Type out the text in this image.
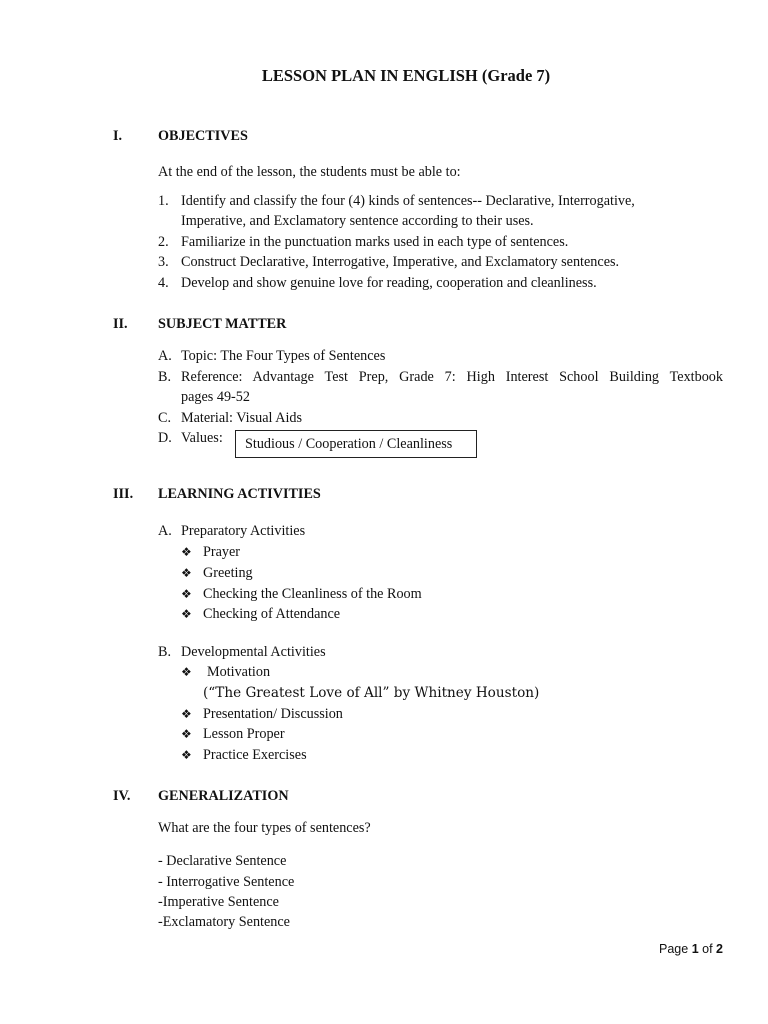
LESSON PLAN IN ENGLISH (Grade 7)
I.	OBJECTIVES
At the end of the lesson, the students must be able to:
1. Identify and classify the four (4) kinds of sentences-- Declarative, Interrogative,
Imperative, and Exclamatory sentence according to their uses.
2. Familiarize in the punctuation marks used in each type of sentences.
3. Construct Declarative, Interrogative, Imperative, and Exclamatory sentences.
4. Develop and show genuine love for reading, cooperation and cleanliness.
II. SUBJECT MATTER
A. Topic: The Four Types of Sentences
B. Reference: Advantage Test Prep, Grade 7: High Interest School Building Textbook
pages 49-52
C. Material: Visual Aids
D. Values:	Studious / Cooperation / Cleanliness
III. LEARNING ACTIVITIES
A. Preparatory Activities
❖ Prayer
❖ Greeting
❖ Checking the Cleanliness of the Room
❖ Checking of Attendance
B. Developmental Activities
❖ Motivation
(“The Greatest Love of All” by Whitney Houston)
❖ Presentation/ Discussion
❖ Lesson Proper
❖ Practice Exercises
IV. GENERALIZATION
What are the four types of sentences?
- Declarative Sentence
- Interrogative Sentence
-Imperative Sentence
-Exclamatory Sentence
Page 1 of 2
